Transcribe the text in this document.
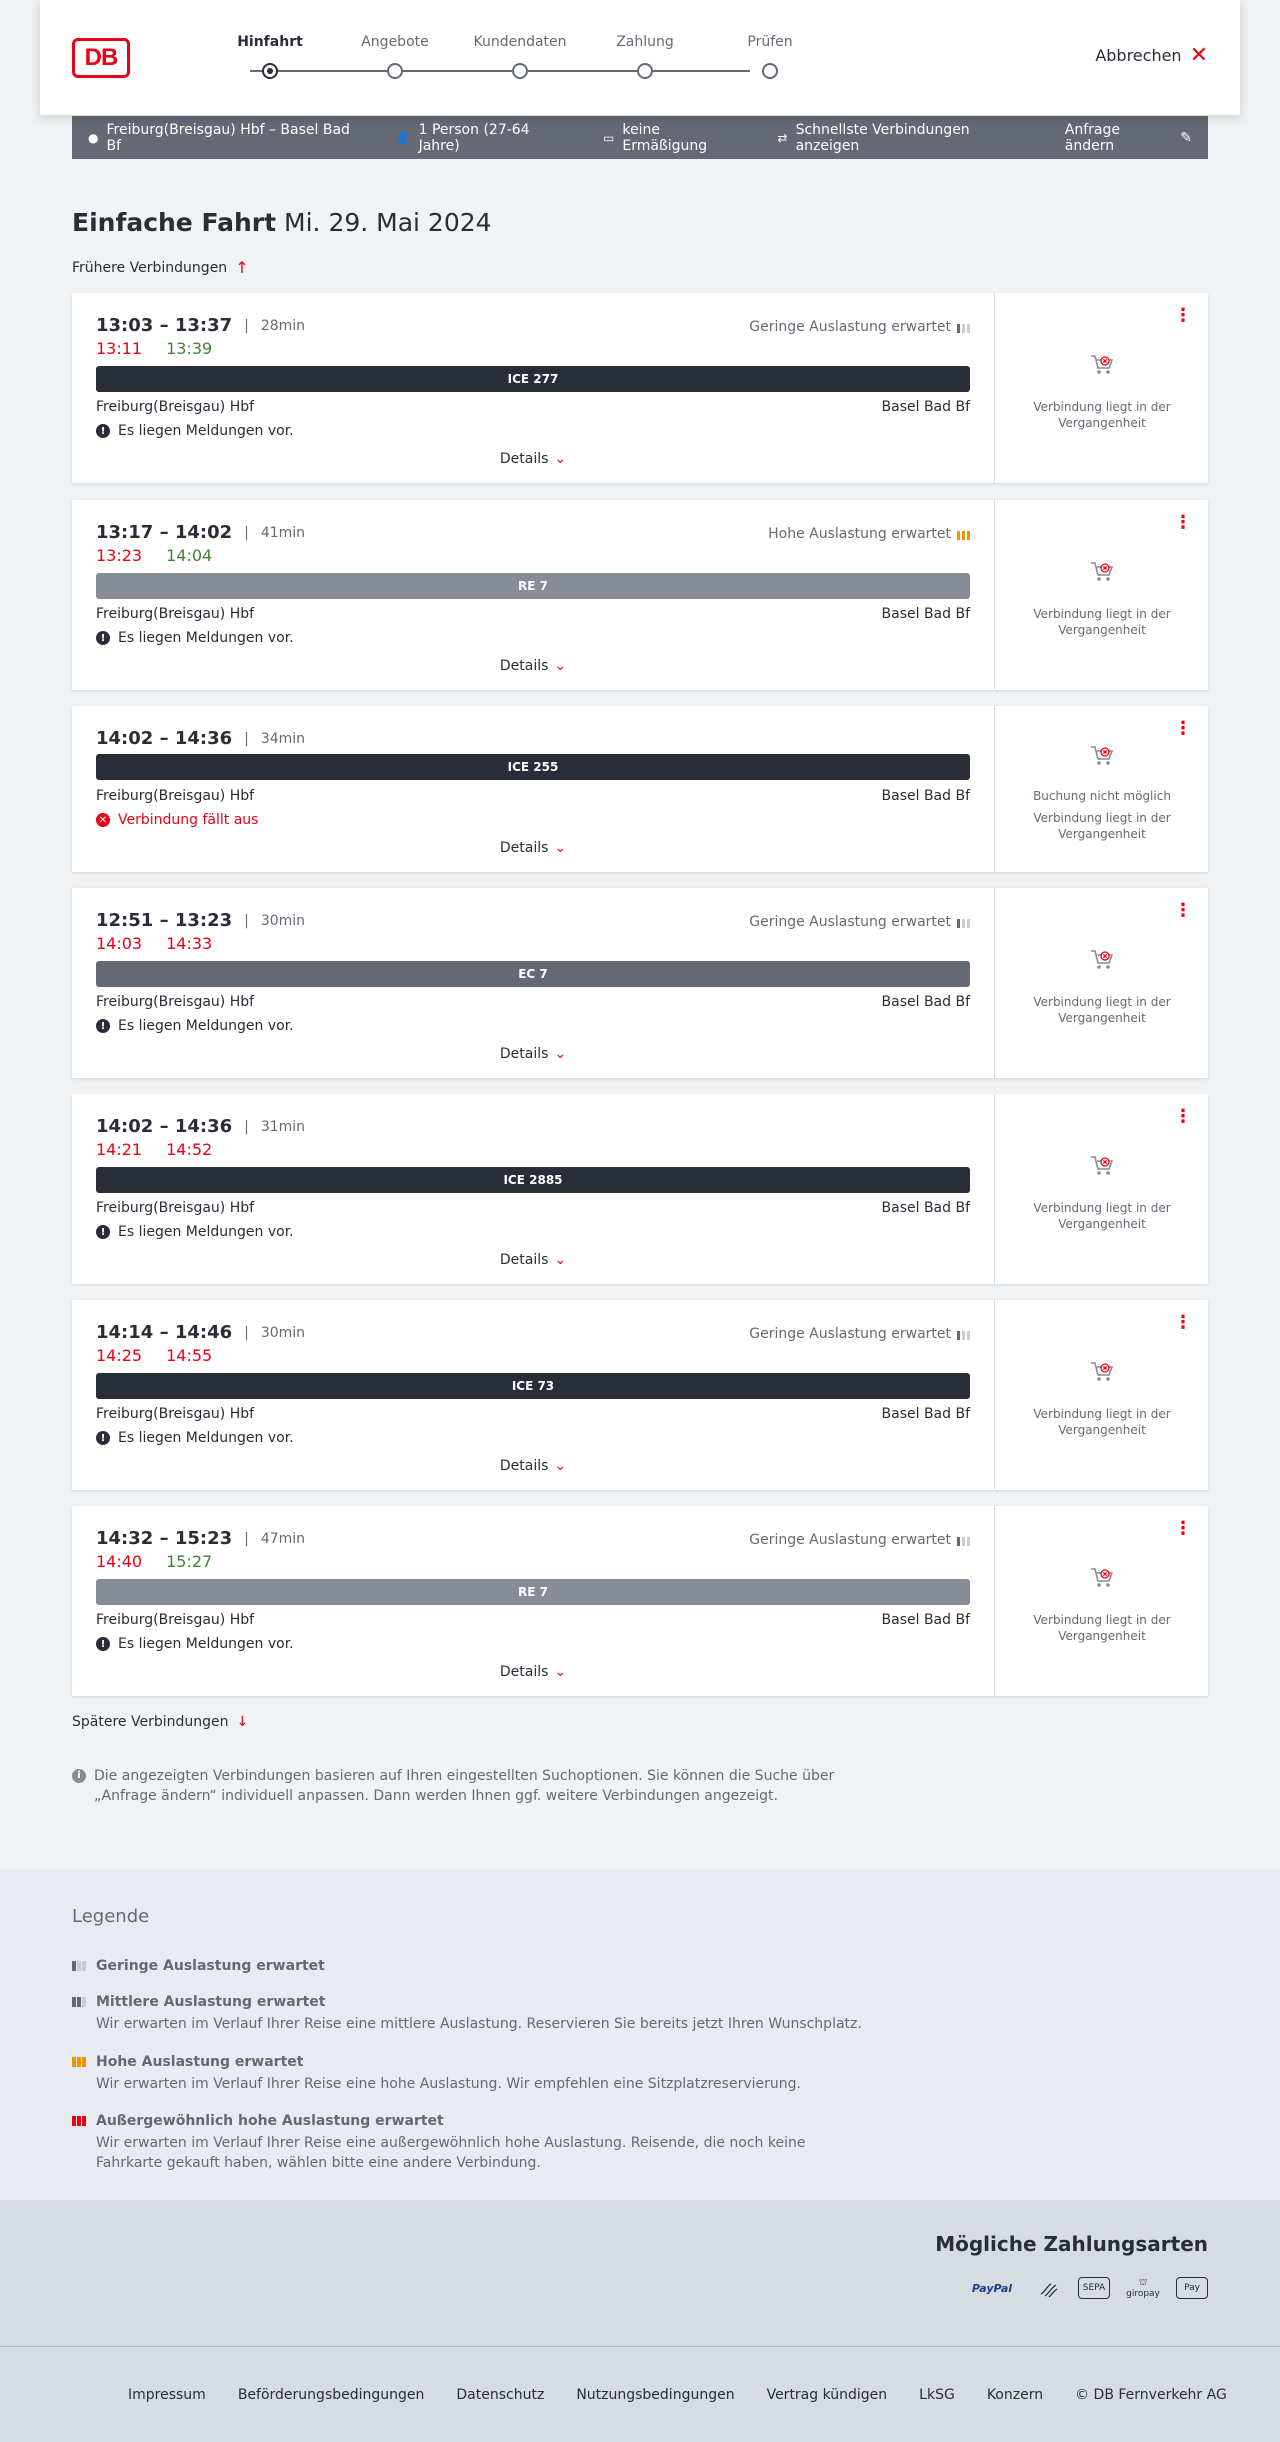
DB
Hinfahrt	Angebote	Kundendaten	Zahlung	Prüfen
Abbrechen ✕
● Freiburg(Breisgau) Hbf – Basel Bad Bf	👤 1 Person (27-64 Jahre)	▭ keine Ermäßigung	⇄ Schnellste Verbindungen anzeigen
Anfrage ändern	✎
Einfache Fahrt Mi. 29. Mai 2024
Frühere Verbindungen ↑
13:03 – 13:37 | 28min	Geringe Auslastung erwartet
13:11 13:39
ICE 277
Freiburg(Breisgau) Hbf	Basel Bad Bf
! Es liegen Meldungen vor.
Details ⌄
⋮
Verbindung liegt in der Vergangenheit
13:17 – 14:02 | 41min	Hohe Auslastung erwartet
13:23 14:04
RE 7
Freiburg(Breisgau) Hbf	Basel Bad Bf
! Es liegen Meldungen vor.
Details ⌄
⋮
Verbindung liegt in der Vergangenheit
14:02 – 14:36 | 34min
ICE 255
Freiburg(Breisgau) Hbf	Basel Bad Bf
✕ Verbindung fällt aus
Details ⌄
⋮
Buchung nicht möglich
Verbindung liegt in der Vergangenheit
12:51 – 13:23 | 30min	Geringe Auslastung erwartet
14:03 14:33
EC 7
Freiburg(Breisgau) Hbf	Basel Bad Bf
! Es liegen Meldungen vor.
Details ⌄
⋮
Verbindung liegt in der Vergangenheit
14:02 – 14:36 | 31min
14:21 14:52
ICE 2885
Freiburg(Breisgau) Hbf	Basel Bad Bf
! Es liegen Meldungen vor.
Details ⌄
⋮
Verbindung liegt in der Vergangenheit
14:14 – 14:46 | 30min	Geringe Auslastung erwartet
14:25 14:55
ICE 73
Freiburg(Breisgau) Hbf	Basel Bad Bf
! Es liegen Meldungen vor.
Details ⌄
⋮
Verbindung liegt in der Vergangenheit
14:32 – 15:23 | 47min	Geringe Auslastung erwartet
14:40 15:27
RE 7
Freiburg(Breisgau) Hbf	Basel Bad Bf
! Es liegen Meldungen vor.
Details ⌄
⋮
Verbindung liegt in der Vergangenheit
Spätere Verbindungen ↓
i Die angezeigten Verbindungen basieren auf Ihren eingestellten Suchoptionen. Sie können die Suche über „Anfrage ändern“ individuell anpassen. Dann werden Ihnen ggf. weitere Verbindungen angezeigt.
Legende
Geringe Auslastung erwartet
Mittlere Auslastung erwartet
Wir erwarten im Verlauf Ihrer Reise eine mittlere Auslastung. Reservieren Sie bereits jetzt Ihren Wunschplatz.
Hohe Auslastung erwartet
Wir erwarten im Verlauf Ihrer Reise eine hohe Auslastung. Wir empfehlen eine Sitzplatzreservierung.
Außergewöhnlich hohe Auslastung erwartet
Wir erwarten im Verlauf Ihrer Reise eine außergewöhnlich hohe Auslastung. Reisende, die noch keine Fahrkarte gekauft haben, wählen bitte eine andere Verbindung.
Mögliche Zahlungsarten
PayPal	SEPA
⛫
giropay
Pay
Impressum Beförderungsbedingungen Datenschutz Nutzungsbedingungen Vertrag kündigen LkSG Konzern © DB Fernverkehr AG
